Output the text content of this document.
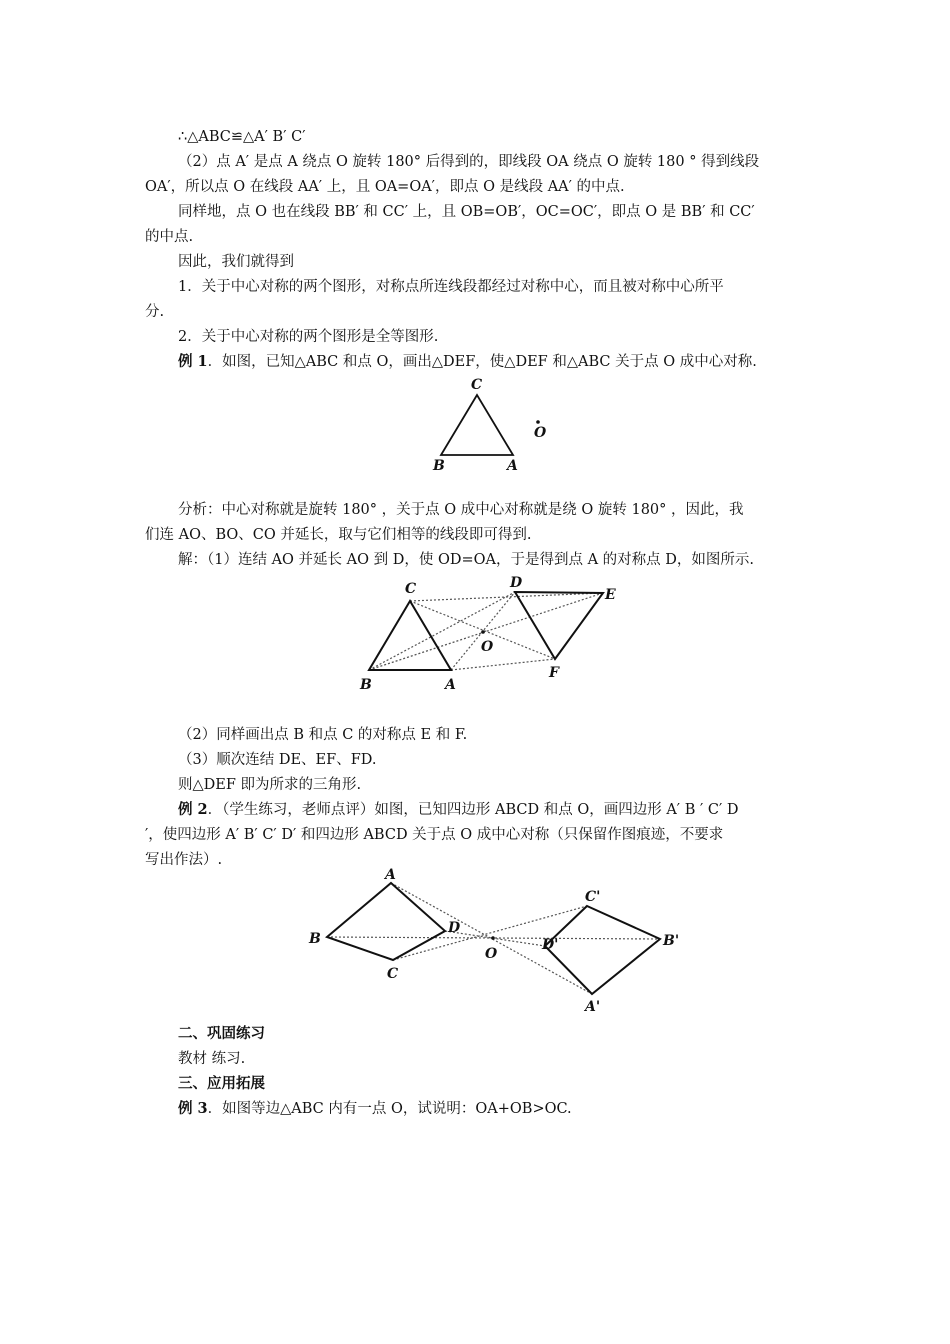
∴△ABC≌△A′ B′ C′
（2）点 A′ 是点 A 绕点 O 旋转 180° 后得到的，即线段 OA 绕点 O 旋转 180 ° 得到线段
OA′，所以点 O 在线段 AA′ 上，且 OA=OA′，即点 O 是线段 AA′ 的中点.
同样地，点 O 也在线段 BB′ 和 CC′ 上，且 OB=OB′，OC=OC′，即点 O 是 BB′ 和 CC′
的中点.
因此，我们就得到
1．关于中心对称的两个图形，对称点所连线段都经过对称中心，而且被对称中心所平
分.
2．关于中心对称的两个图形是全等图形.
例 1．如图，已知△ABC 和点 O，画出△DEF，使△DEF 和△ABC 关于点 O 成中心对称.
C
B	A
O
分析：中心对称就是旋转 180° ，关于点 O 成中心对称就是绕 O 旋转 180° ，因此，我
们连 AO、BO、CO 并延长，取与它们相等的线段即可得到.
解：（1）连结 AO 并延长 AO 到 D，使 OD=OA，于是得到点 A 的对称点 D，如图所示.
C
B	A
D
E
F
O
（2）同样画出点 B 和点 C 的对称点 E 和 F.
（3）顺次连结 DE、EF、FD.
则△DEF 即为所求的三角形.
例 2．（学生练习，老师点评）如图，已知四边形 ABCD 和点 O，画四边形 A′ B ′ C′ D
′，使四边形 A′ B′ C′ D′ 和四边形 ABCD 关于点 O 成中心对称（只保留作图痕迹，不要求
写出作法）.
A
B
C
D
O
C'
B'
D'
A'
二、巩固练习
教材 练习.
三、应用拓展
例 3．如图等边△ABC 内有一点 O，试说明：OA+OB>OC.
